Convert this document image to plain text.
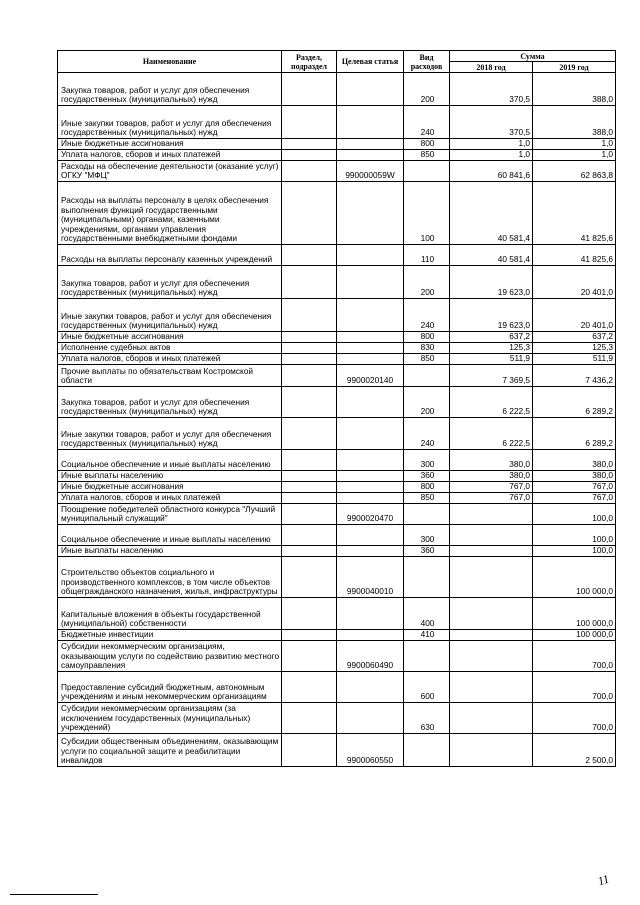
Наименование	Раздел, подраздел	Целевая статья	Вид расходов	Сумма	
				2018 год	2019 год
Закупка товаров, работ и услуг для обеспечения государственных (муниципальных) нужд			200	370,5	388,0
Иные закупки товаров, работ и услуг для обеспечения государственных (муниципальных) нужд			240	370,5	388,0
Иные бюджетные ассигнования			800	1,0	1,0
Уплата налогов, сборов и иных платежей			850	1,0	1,0
Расходы на обеспечение деятельности (оказание услуг) ОГКУ "МФЦ"		990000059W		60 841,6	62 863,8
Расходы на выплаты персоналу в целях обеспечения выполнения функций государственными (муниципальными) органами, казенными учреждениями, органами управления государственными внебюджетными фондами			100	40 581,4	41 825,6
Расходы на выплаты персоналу казенных учреждений			110	40 581,4	41 825,6
Закупка товаров, работ и услуг для обеспечения государственных (муниципальных) нужд			200	19 623,0	20 401,0
Иные закупки товаров, работ и услуг для обеспечения государственных (муниципальных) нужд			240	19 623,0	20 401,0
Иные бюджетные ассигнования			800	637,2	637,2
Исполнение судебных актов			830	125,3	125,3
Уплата налогов, сборов и иных платежей			850	511,9	511,9
Прочие выплаты по обязательствам Костромской области		9900020140		7 369,5	7 436,2
Закупка товаров, работ и услуг для обеспечения государственных (муниципальных) нужд			200	6 222,5	6 289,2
Иные закупки товаров, работ и услуг для обеспечения государственных (муниципальных) нужд			240	6 222,5	6 289,2
Социальное обеспечение и иные выплаты населению			300	380,0	380,0
Иные выплаты населению			360	380,0	380,0
Иные бюджетные ассигнования			800	767,0	767,0
Уплата налогов, сборов и иных платежей			850	767,0	767,0
Поощрение победителей областного конкурса "Лучший муниципальный служащий"		9900020470			100,0
Социальное обеспечение и иные выплаты населению			300		100,0
Иные выплаты населению			360		100,0
Строительство объектов социального и производственного комплексов, в том числе объектов общегражданского назначения, жилья, инфраструктуры		9900040010			100 000,0
Капитальные вложения в объекты государственной (муниципальной) собственности			400		100 000,0
Бюджетные инвестиции			410		100 000,0
Субсидии некоммерческим организациям, оказывающим услуги по содействию развитию местного самоуправления		9900060490			700,0
Предоставление субсидий бюджетным, автономным учреждениям и иным некоммерческим организациям			600		700,0
Субсидии некоммерческим организациям (за исключением государственных (муниципальных) учреждений)			630		700,0
Субсидии общественным объединениям, оказывающим услуги по социальной защите и реабилитации инвалидов		9900060550			2 500,0
11
